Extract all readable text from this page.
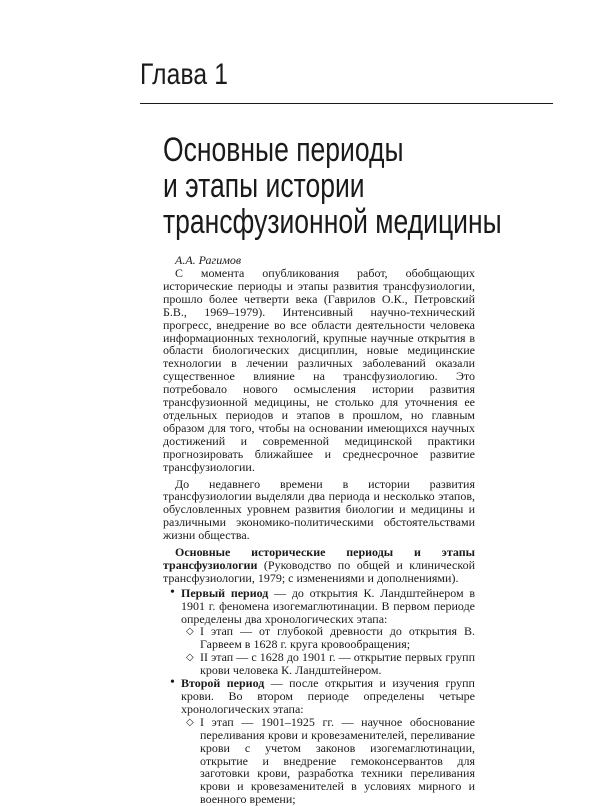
Глава 1
Основные периоды
и этапы истории
трансфузионной медицины
А.А. Рагимов

С момента опубликования работ, обобщающих исторические периоды и этапы развития трансфузиологии, прошло более четверти века (Гаврилов О.К., Петровский Б.В., 1969–1979). Интенсивный научно-технический прогресс, внедрение во все области деятельности человека информационных технологий, крупные научные открытия в области биологических дисциплин, новые медицинские технологии в лечении различных заболеваний оказали существенное влияние на трансфузиологию. Это потребовало нового осмысления истории развития трансфузионной медицины, не столько для уточнения ее отдельных периодов и этапов в прошлом, но главным образом для того, чтобы на основании имеющихся научных достижений и современной медицинской практики прогнозировать ближайшее и среднесрочное развитие трансфузиологии.

До недавнего времени в истории развития трансфузиологии выделяли два периода и несколько этапов, обусловленных уровнем развития биологии и медицины и различными экономико-политическими обстоятельствами жизни общества.

Основные исторические периоды и этапы трансфузиологии (Руководство по общей и клинической трансфузиологии, 1979; с изменениями и дополнениями).

• Первый период — до открытия К. Ландштейнером в 1901 г. феномена изогемаглютинации. В первом периоде определены два хронологических этапа:
◇ I этап — от глубокой древности до открытия В. Гарвеем в 1628 г. круга кровообращения;
◇ II этап — с 1628 до 1901 г. — открытие первых групп крови человека К. Ландштейнером.
• Второй период — после открытия и изучения групп крови. Во втором периоде определены четыре хронологических этапа:
◇ I этап — 1901–1925 гг. — научное обоснование переливания крови и кровезаменителей, переливание крови с учетом законов изогемаглютинации, открытие и внедрение гемоконсервантов для заготовки крови, разработка техники переливания крови и кровезаменителей в условиях мирного и военного времени;
